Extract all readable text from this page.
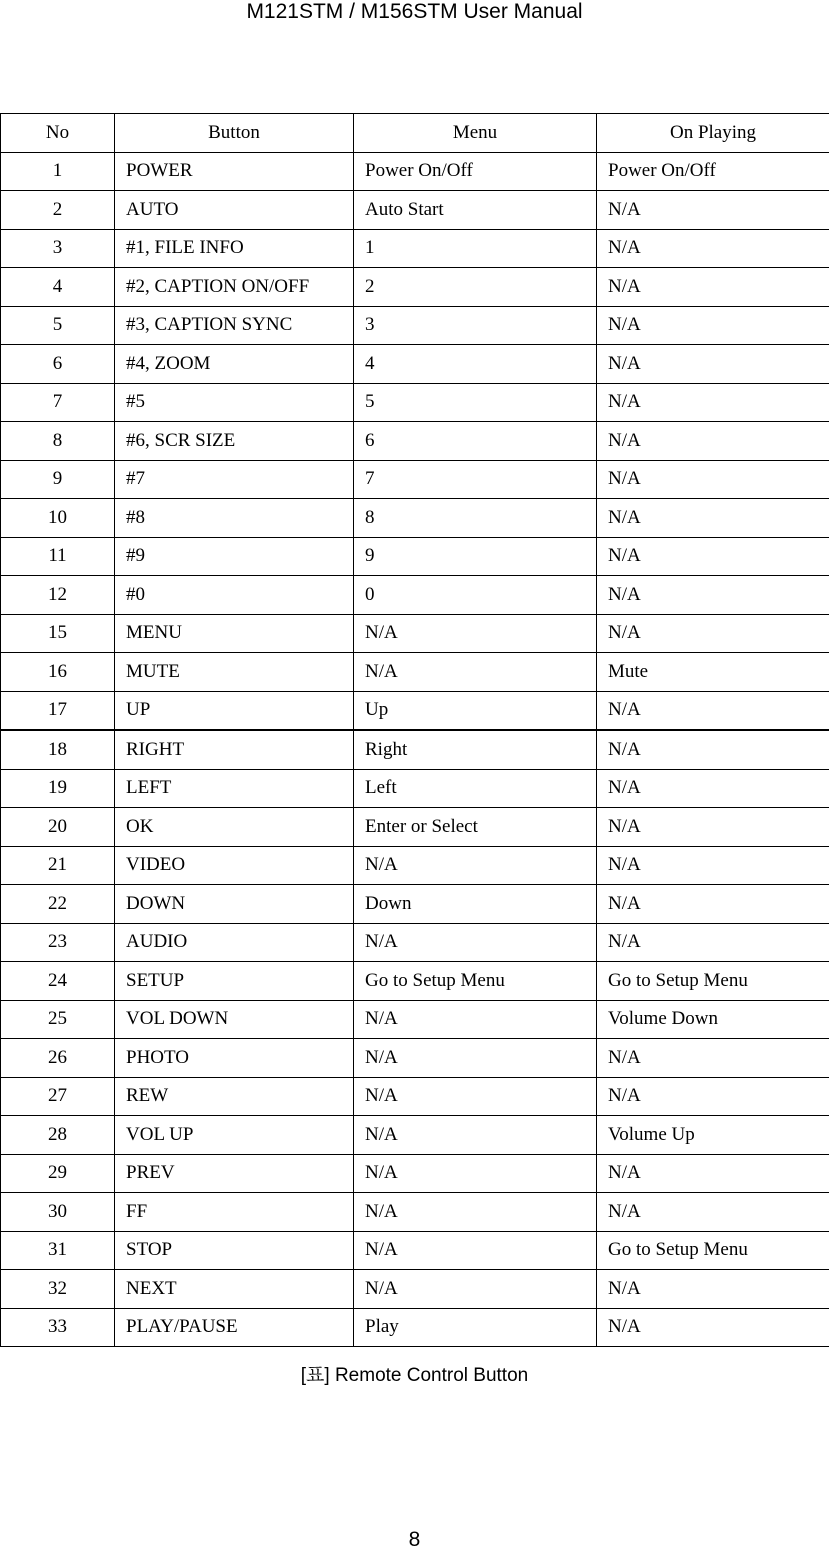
M121STM / M156STM User Manual
No	Button	Menu	On Playing
1	POWER	Power On/Off	Power On/Off
2	AUTO	Auto Start	N/A
3	#1, FILE INFO	1	N/A
4	#2, CAPTION ON/OFF	2	N/A
5	#3, CAPTION SYNC	3	N/A
6	#4, ZOOM	4	N/A
7	#5	5	N/A
8	#6, SCR SIZE	6	N/A
9	#7	7	N/A
10	#8	8	N/A
11	#9	9	N/A
12	#0	0	N/A
15	MENU	N/A	N/A
16	MUTE	N/A	Mute
17	UP	Up	N/A
18	RIGHT	Right	N/A
19	LEFT	Left	N/A
20	OK	Enter or Select	N/A
21	VIDEO	N/A	N/A
22	DOWN	Down	N/A
23	AUDIO	N/A	N/A
24	SETUP	Go to Setup Menu	Go to Setup Menu
25	VOL DOWN	N/A	Volume Down
26	PHOTO	N/A	N/A
27	REW	N/A	N/A
28	VOL UP	N/A	Volume Up
29	PREV	N/A	N/A
30	FF	N/A	N/A
31	STOP	N/A	Go to Setup Menu
32	NEXT	N/A	N/A
33	PLAY/PAUSE	Play	N/A
[표] Remote Control Button
8
